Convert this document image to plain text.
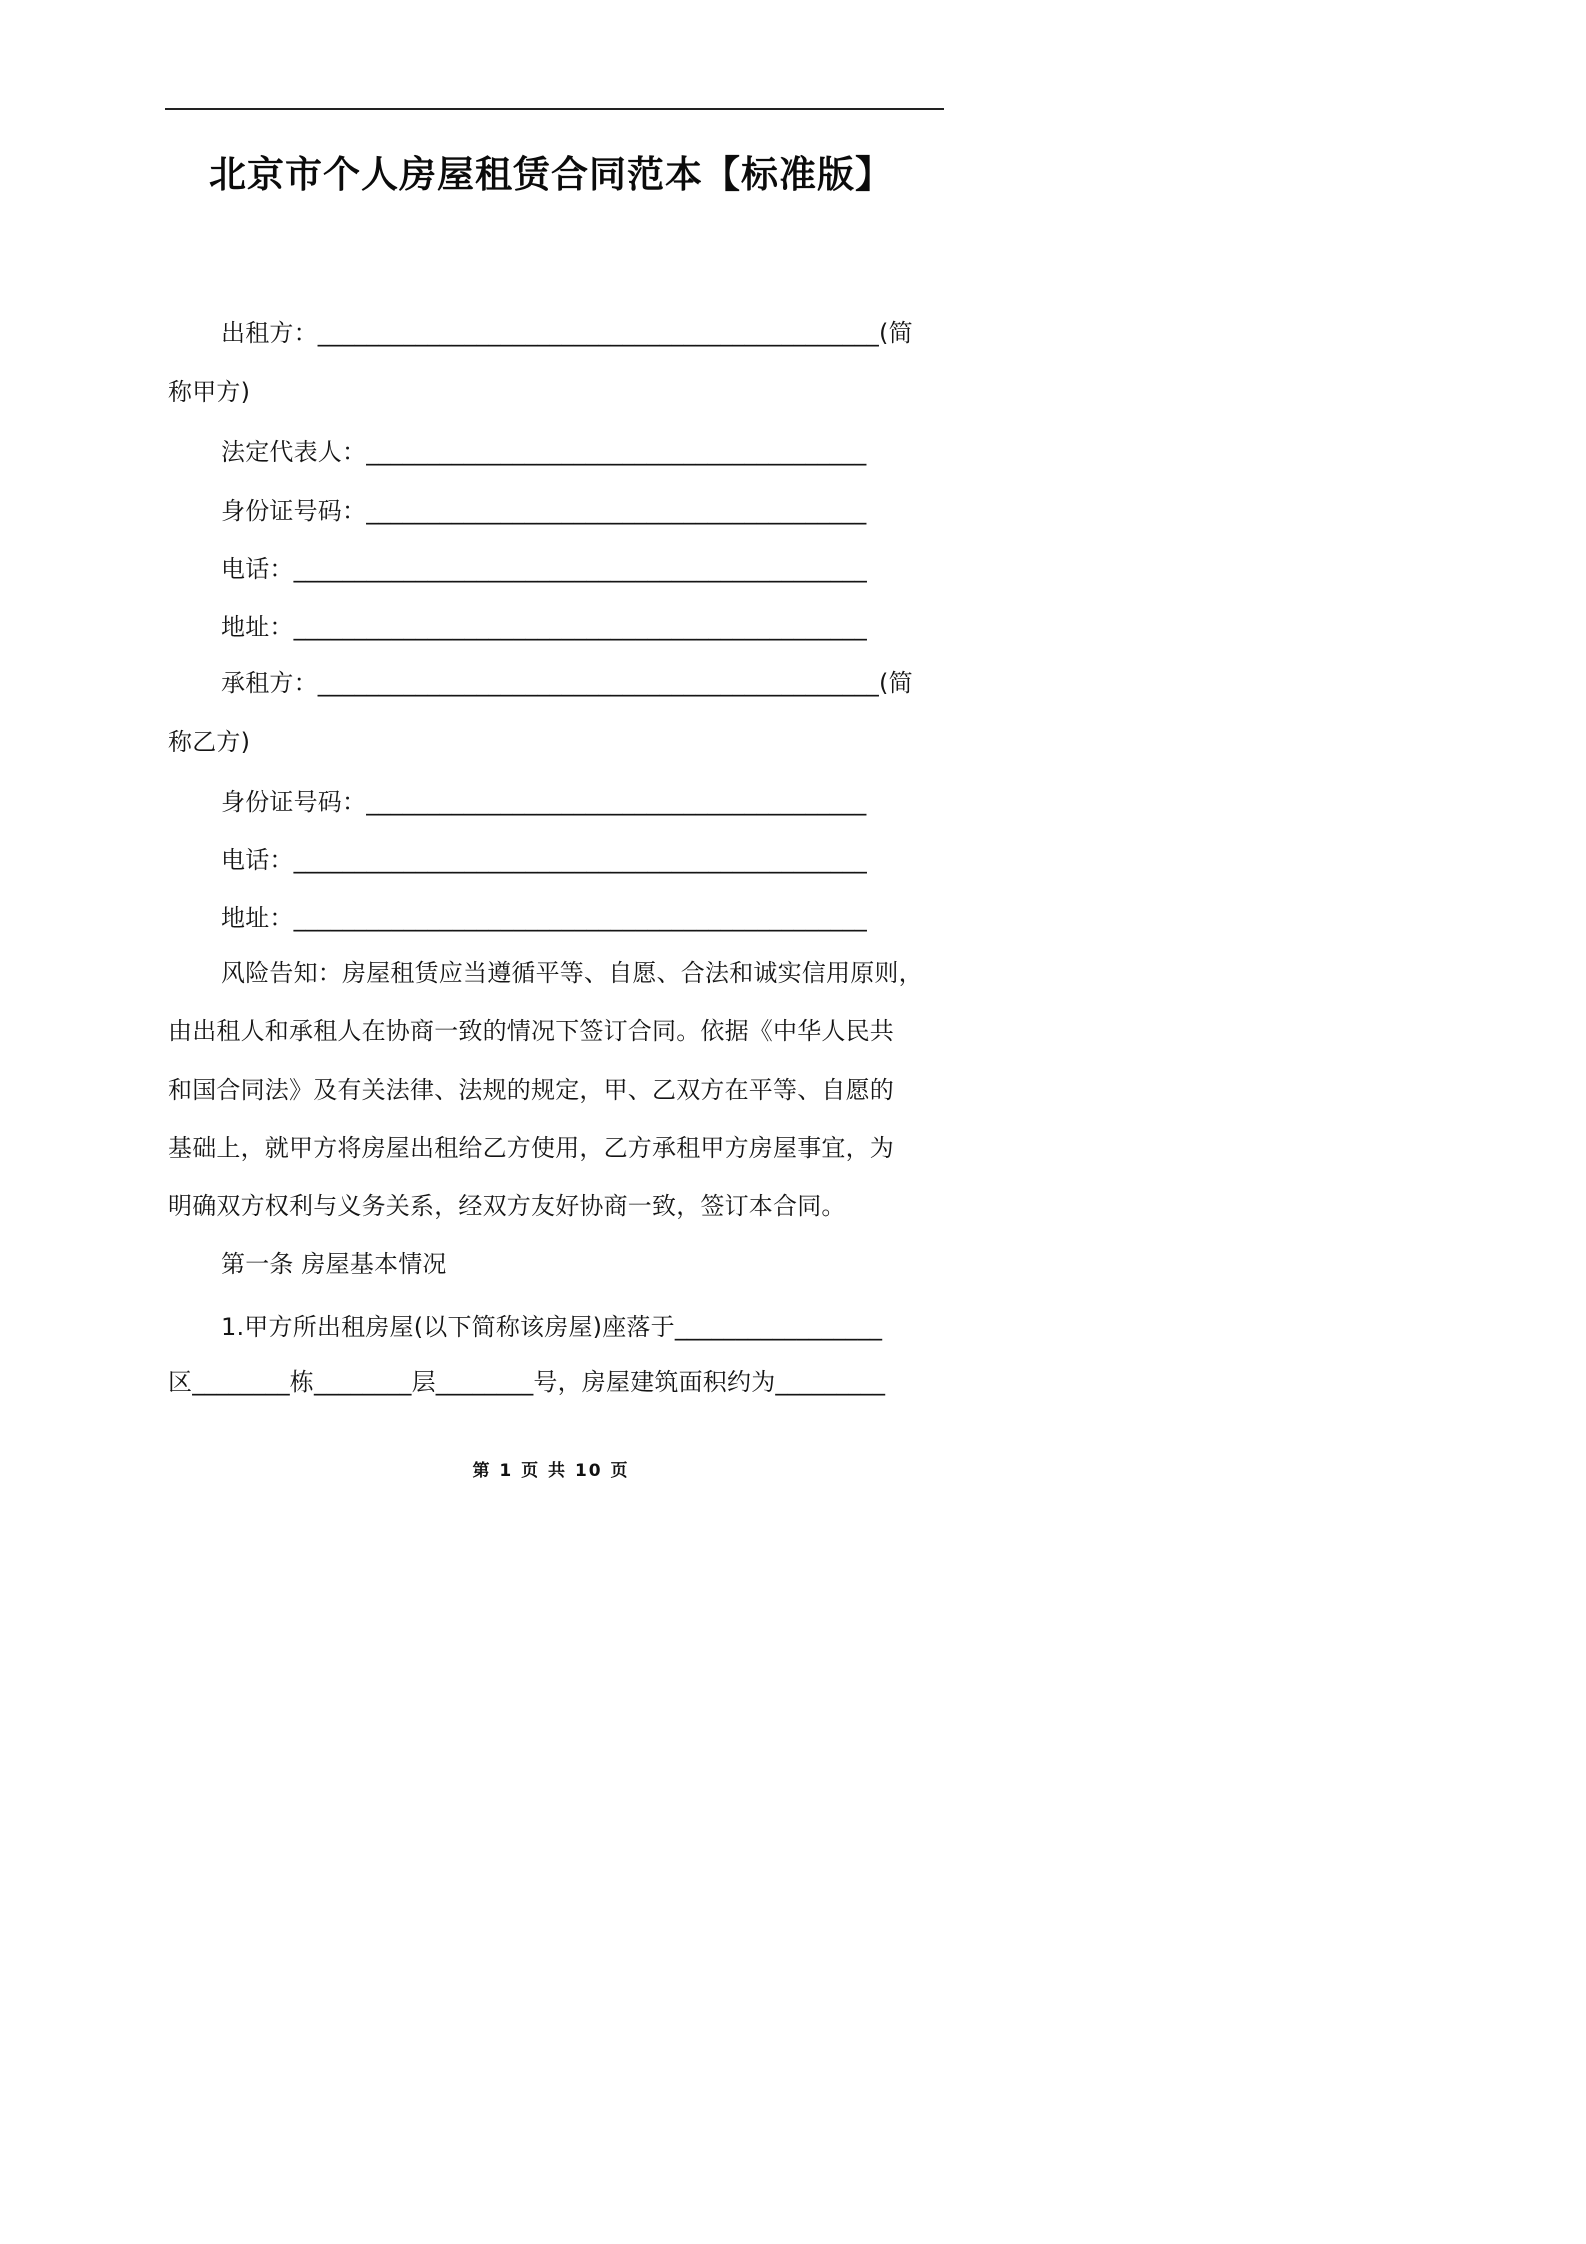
北京市个人房屋租赁合同范本【标准版】
出租方：______________________________________________(简
称甲方)
法定代表人：_________________________________________
身份证号码：_________________________________________
电话：_______________________________________________
地址：_______________________________________________
承租方：______________________________________________(简
称乙方)
身份证号码：_________________________________________
电话：_______________________________________________
地址：_______________________________________________
风险告知：房屋租赁应当遵循平等、自愿、合法和诚实信用原则，
由出租人和承租人在协商一致的情况下签订合同。依据《中华人民共
和国合同法》及有关法律、法规的规定，甲、乙双方在平等、自愿的
基础上，就甲方将房屋出租给乙方使用，乙方承租甲方房屋事宜，为
明确双方权利与义务关系，经双方友好协商一致，签订本合同。
第一条 房屋基本情况
1.甲方所出租房屋(以下简称该房屋)座落于_________________
区________栋________层________号，房屋建筑面积约为_________
第 1 页 共 10 页
